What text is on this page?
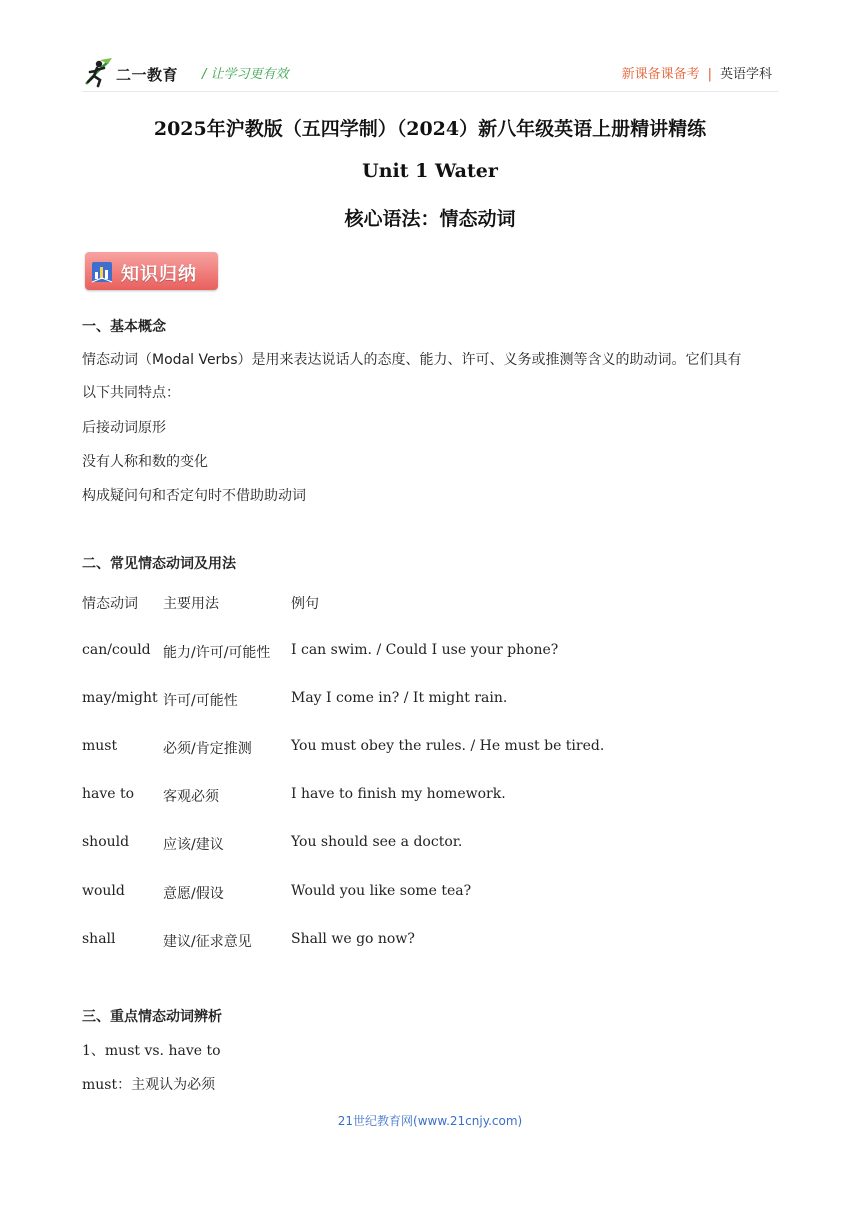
二一教育 / 让学习更有效	新课备课备考 | 英语学科
2025年沪教版（五四学制）（2024）新八年级英语上册精讲精练
Unit 1 Water
核心语法：情态动词
知识归纳
一、基本概念
情态动词（Modal Verbs）是用来表达说话人的态度、能力、许可、义务或推测等含义的助动词。它们具有
以下共同特点：
后接动词原形
没有人称和数的变化
构成疑问句和否定句时不借助助动词
二、常见情态动词及用法
情态动词 主要用法	例句
can/could 能力/许可/可能性 I can swim. / Could I use your phone?
may/might 许可/可能性	May I come in? / It might rain.
must	必须/肯定推测	You must obey the rules. / He must be tired.
have to 客观必须	I have to finish my homework.
should 应该/建议	You should see a doctor.
would	意愿/假设	Would you like some tea?
shall	建议/征求意见	Shall we go now?
三、重点情态动词辨析
1、must vs. have to
must：主观认为必须
21世纪教育网(www.21cnjy.com)
